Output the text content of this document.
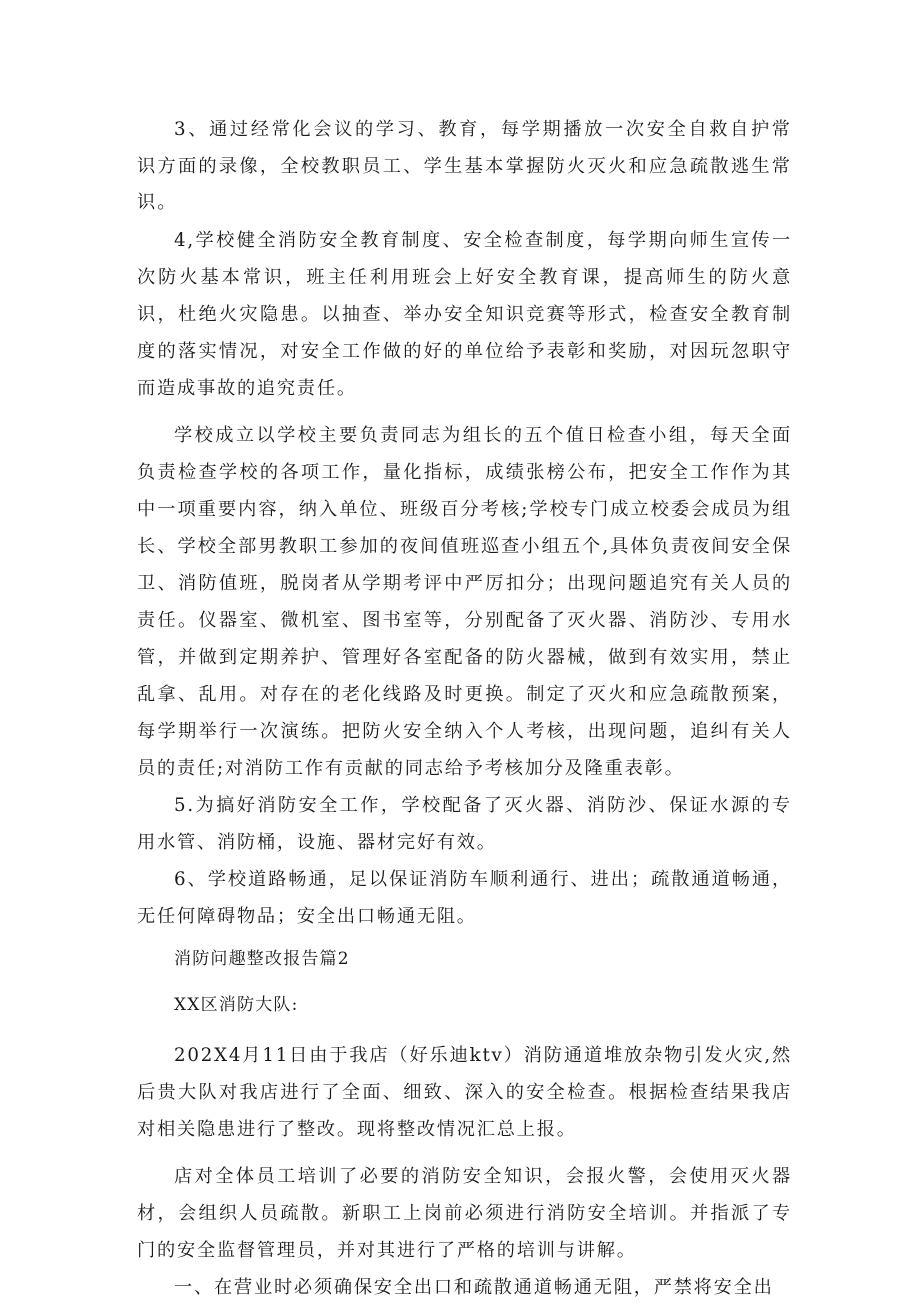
3、通过经常化会议的学习、教育，每学期播放一次安全自救自护常识方面的录像，全校教职员工、学生基本掌握防火灭火和应急疏散逃生常识。

4,学校健全消防安全教育制度、安全检查制度，每学期向师生宣传一次防火基本常识，班主任利用班会上好安全教育课，提高师生的防火意识，杜绝火灾隐患。以抽查、举办安全知识竞赛等形式，检查安全教育制度的落实情况，对安全工作做的好的单位给予表彰和奖励，对因玩忽职守而造成事故的追究责任。

学校成立以学校主要负责同志为组长的五个值日检查小组，每天全面负责检查学校的各项工作，量化指标，成绩张榜公布，把安全工作作为其中一项重要内容，纳入单位、班级百分考核;学校专门成立校委会成员为组长、学校全部男教职工参加的夜间值班巡查小组五个,具体负责夜间安全保卫、消防值班，脱岗者从学期考评中严厉扣分；出现问题追究有关人员的责任。仪器室、微机室、图书室等，分别配备了灭火器、消防沙、专用水管，并做到定期养护、管理好各室配备的防火器械，做到有效实用，禁止乱拿、乱用。对存在的老化线路及时更换。制定了灭火和应急疏散预案，每学期举行一次演练。把防火安全纳入个人考核，出现问题，追纠有关人员的责任;对消防工作有贡献的同志给予考核加分及隆重表彰。

5.为搞好消防安全工作，学校配备了灭火器、消防沙、保证水源的专用水管、消防桶，设施、器材完好有效。

6、学校道路畅通，足以保证消防车顺利通行、进出；疏散通道畅通，无任何障碍物品；安全出口畅通无阻。

消防问趣整改报告篇2

XX区消防大队:

202X4月11日由于我店（好乐迪ktv）消防通道堆放杂物引发火灾,然后贵大队对我店进行了全面、细致、深入的安全检查。根据检查结果我店对相关隐患进行了整改。现将整改情况汇总上报。

店对全体员工培训了必要的消防安全知识，会报火警，会使用灭火器材，会组织人员疏散。新职工上岗前必须进行消防安全培训。并指派了专门的安全监督管理员，并对其进行了严格的培训与讲解。

一、在营业时必须确保安全出口和疏散通道畅通无阻，严禁将安全出
